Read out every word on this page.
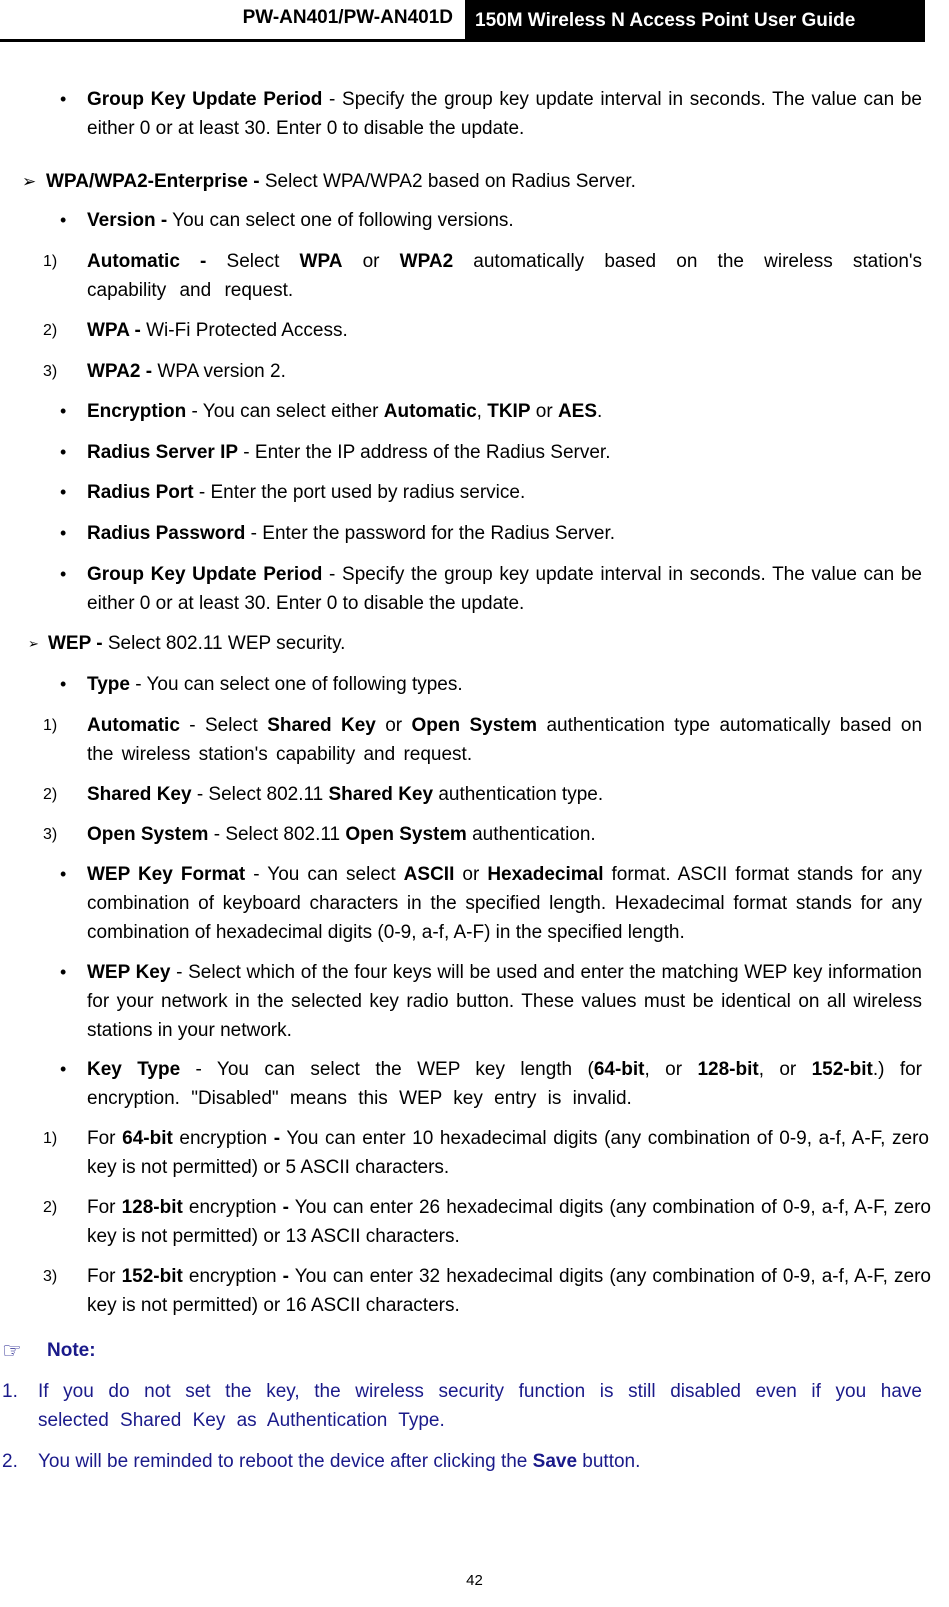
PW-AN401/PW-AN401D	150M Wireless N Access Point User Guide
• Group Key Update Period - Specify the group key update interval in seconds. The value can be either 0 or at least 30. Enter 0 to disable the update.
➢ WPA/WPA2-Enterprise - Select WPA/WPA2 based on Radius Server.
• Version - You can select one of following versions.
1) Automatic - Select WPA or WPA2 automatically based on the wireless station's capability and request.
2) WPA - Wi-Fi Protected Access.
3) WPA2 - WPA version 2.
• Encryption - You can select either Automatic, TKIP or AES.
• Radius Server IP - Enter the IP address of the Radius Server.
• Radius Port - Enter the port used by radius service.
• Radius Password - Enter the password for the Radius Server.
• Group Key Update Period - Specify the group key update interval in seconds. The value can be either 0 or at least 30. Enter 0 to disable the update.
➢ WEP - Select 802.11 WEP security.
• Type - You can select one of following types.
1) Automatic - Select Shared Key or Open System authentication type automatically based on the wireless station's capability and request.
2) Shared Key - Select 802.11 Shared Key authentication type.
3) Open System - Select 802.11 Open System authentication.
• WEP Key Format - You can select ASCII or Hexadecimal format. ASCII format stands for any combination of keyboard characters in the specified length. Hexadecimal format stands for any combination of hexadecimal digits (0-9, a-f, A-F) in the specified length.
• WEP Key - Select which of the four keys will be used and enter the matching WEP key information for your network in the selected key radio button. These values must be identical on all wireless stations in your network.
• Key Type - You can select the WEP key length (64-bit, or 128-bit, or 152-bit.) for encryption. "Disabled" means this WEP key entry is invalid.
1) For 64-bit encryption - You can enter 10 hexadecimal digits (any combination of 0-9, a-f, A-F, zero key is not permitted) or 5 ASCII characters.
2) For 128-bit encryption - You can enter 26 hexadecimal digits (any combination of 0-9, a-f, A-F, zero key is not permitted) or 13 ASCII characters.
3) For 152-bit encryption - You can enter 32 hexadecimal digits (any combination of 0-9, a-f, A-F, zero key is not permitted) or 16 ASCII characters.
☞ Note:
1. If you do not set the key, the wireless security function is still disabled even if you have selected Shared Key as Authentication Type.
2. You will be reminded to reboot the device after clicking the Save button.
42
